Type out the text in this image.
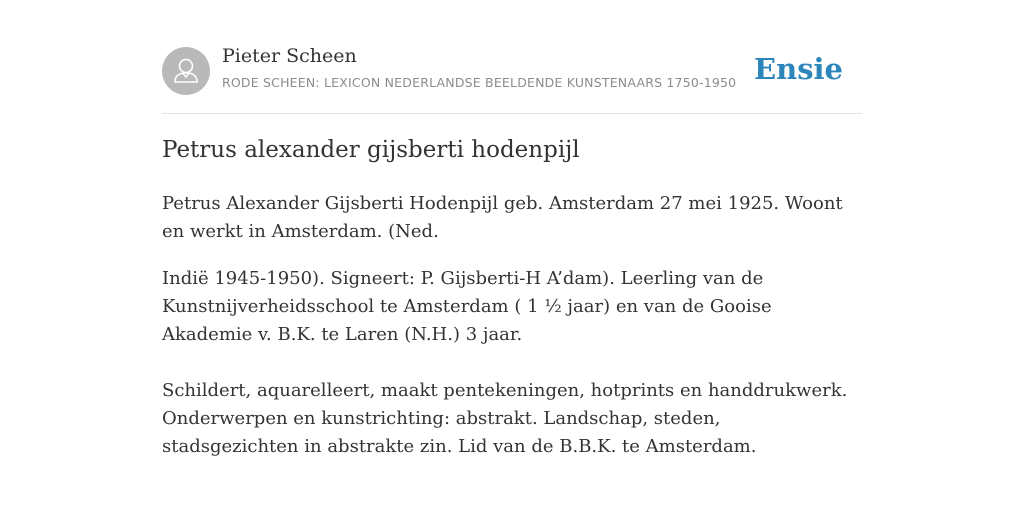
Pieter Scheen
RODE SCHEEN: LEXICON NEDERLANDSE BEELDENDE KUNSTENAARS 1750-1950 Ensie
Petrus alexander gijsberti hodenpijl

Petrus Alexander Gijsberti Hodenpijl geb. Amsterdam 27 mei 1925. Woont en werkt in Amsterdam. (Ned.

Indië 1945-1950). Signeert: P. Gijsberti-H A’dam). Leerling van de Kunstnijverheidsschool te Amsterdam ( 1 ½ jaar) en van de Gooise Akademie v. B.K. te Laren (N.H.) 3 jaar.

Schildert, aquarelleert, maakt pentekeningen, hotprints en handdrukwerk. Onderwerpen en kunstrichting: abstrakt. Landschap, steden, stadsgezichten in abstrakte zin. Lid van de B.B.K. te Amsterdam.
